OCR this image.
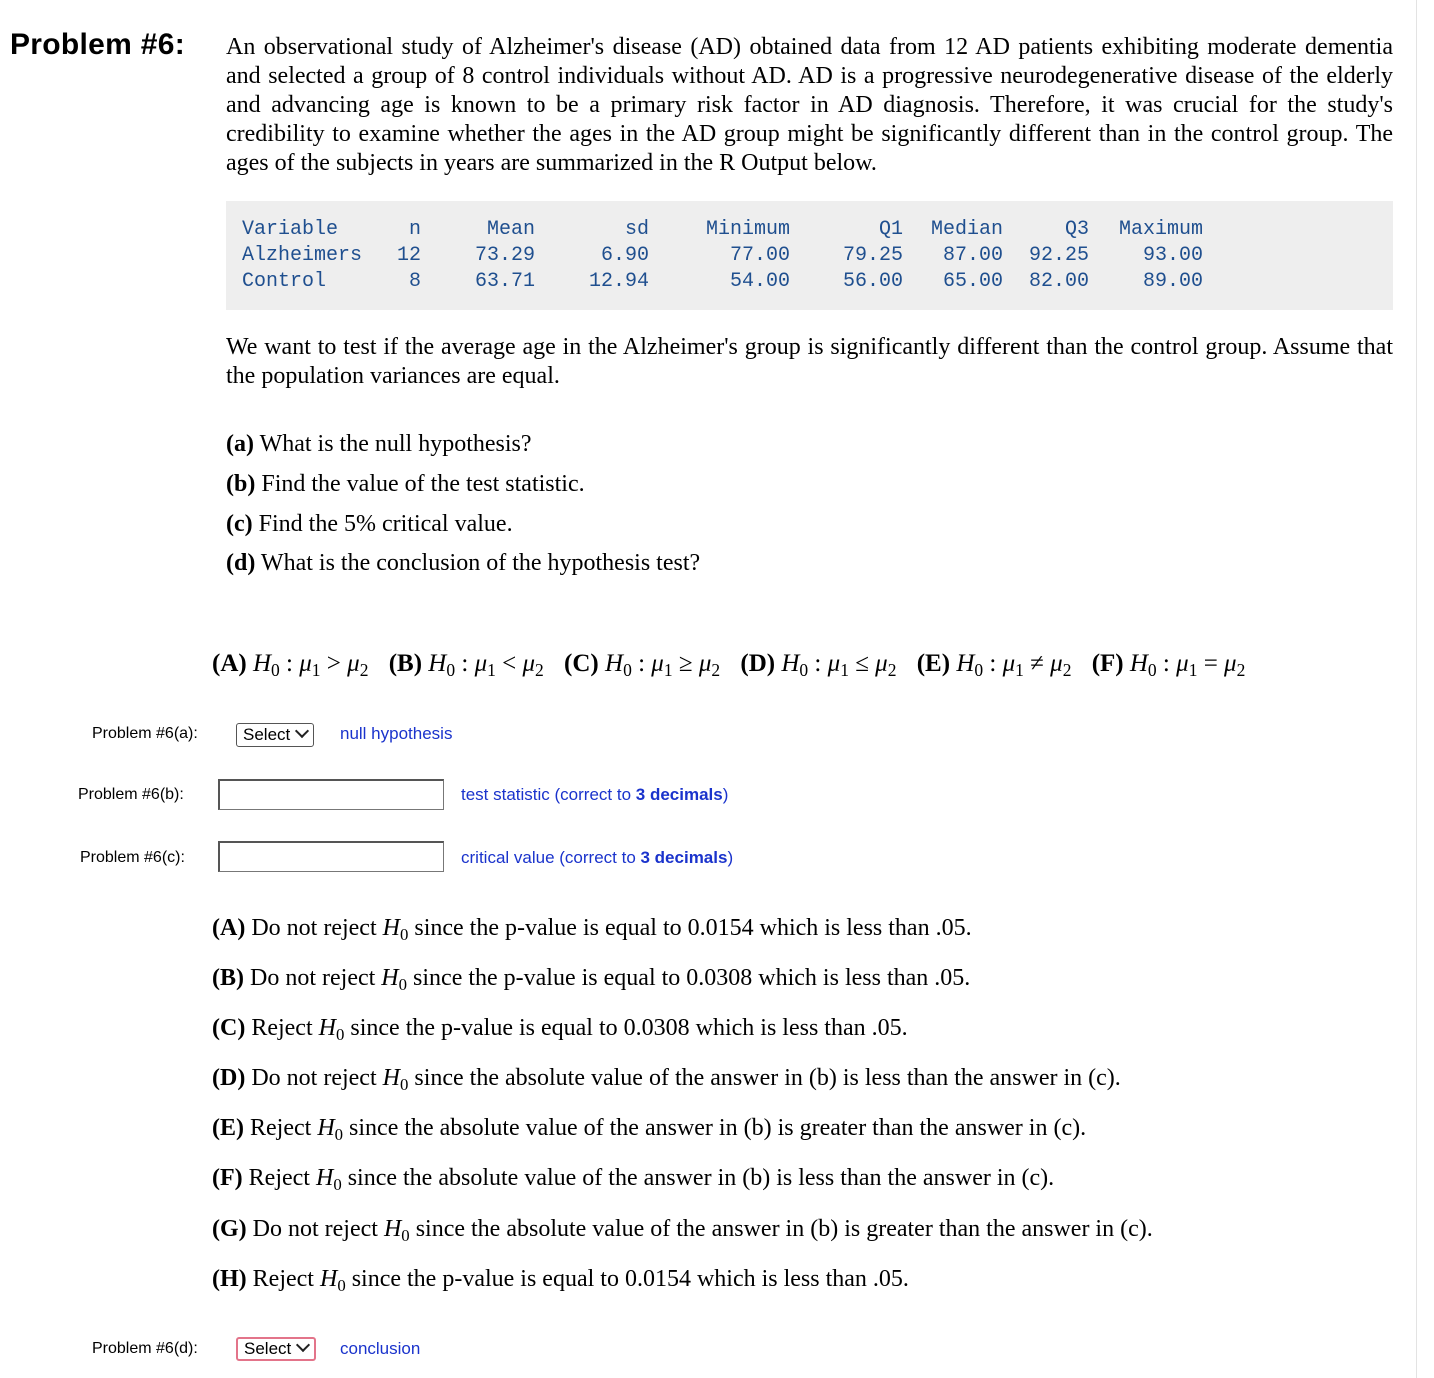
Problem #6: An observational study of Alzheimer's disease (AD) obtained data from 12 AD patients exhibiting moderate dementia and selected a group of 8 control individuals without AD. AD is a progressive neurodegenerative disease of the elderly and advancing age is known to be a primary risk factor in AD diagnosis. Therefore, it was crucial for the study's credibility to examine whether the ages in the AD group might be significantly different than in the control group. The ages of the subjects in years are summarized in the R Output below.
Variable	n	Mean	sd	Minimum	Q1 Median	Q3 Maximum
Alzheimers 12	73.29	6.90	77.00	79.25 87.00 92.25	93.00
Control	8	63.71	12.94	54.00	56.00 65.00 82.00	89.00
We want to test if the average age in the Alzheimer's group is significantly different than the control group. Assume that the population variances are equal.
(a) What is the null hypothesis?
(b) Find the value of the test statistic.
(c) Find the 5% critical value.
(d) What is the conclusion of the hypothesis test?
(A) $H_0$ : $\mu_1 > \mu_2$ (B) $H_0$ : $\mu_1 < \mu_2$ (C) $H_0$ : $\mu_1 \ge \mu_2$ (D) $H_0$ : $\mu_1 \le \mu_2$ (E) $H_0$ : $\mu_1 \ne \mu_2$ (F) $H_0$ : $\mu_1 = \mu_2$
Problem #6(a):	Select	null hypothesis
Problem #6(b):	test statistic (correct to 3 decimals)
Problem #6(c):	critical value (correct to 3 decimals)
(A) Do not reject $H_0$ since the p-value is equal to 0.0154 which is less than .05.
(B) Do not reject $H_0$ since the p-value is equal to 0.0308 which is less than .05.
(C) Reject $H_0$ since the p-value is equal to 0.0308 which is less than .05.
(D) Do not reject $H_0$ since the absolute value of the answer in (b) is less than the answer in (c).
(E) Reject $H_0$ since the absolute value of the answer in (b) is greater than the answer in (c).
(F) Reject $H_0$ since the absolute value of the answer in (b) is less than the answer in (c).
(G) Do not reject $H_0$ since the absolute value of the answer in (b) is greater than the answer in (c).
(H) Reject $H_0$ since the p-value is equal to 0.0154 which is less than .05.
Problem #6(d):	Select	conclusion
